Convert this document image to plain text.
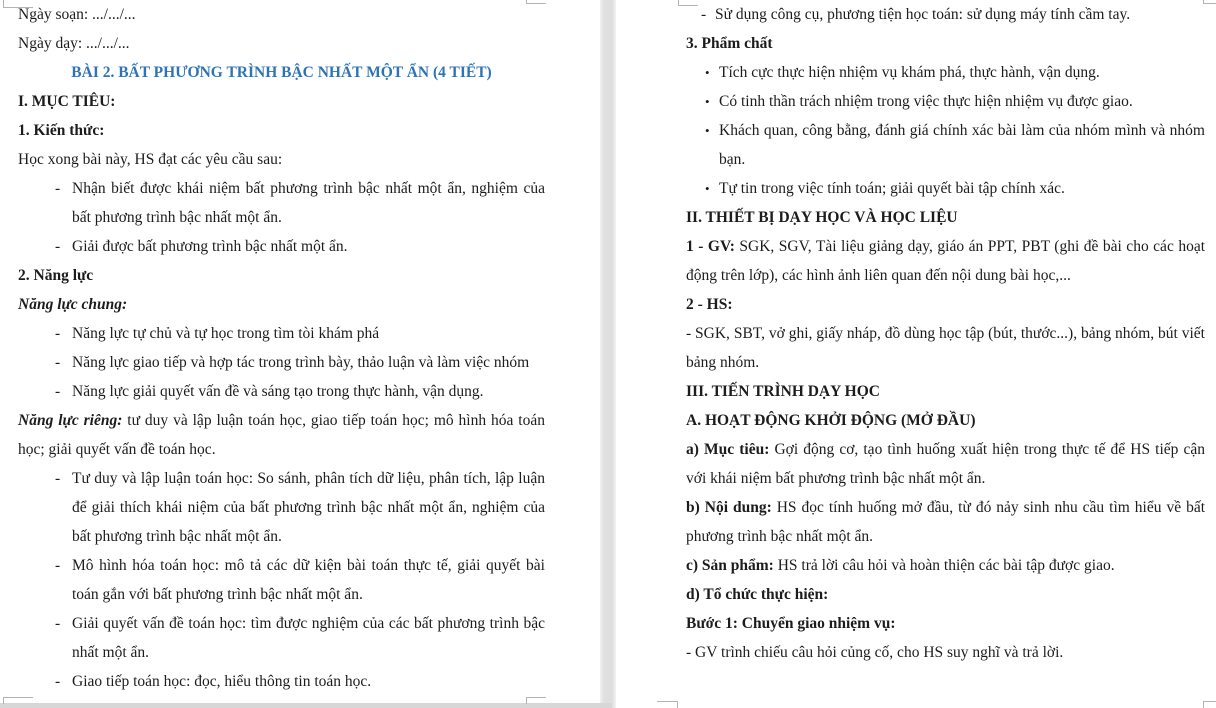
Ngày soạn: .../.../...
Ngày dạy: .../.../...
BÀI 2. BẤT PHƯƠNG TRÌNH BẬC NHẤT MỘT ẨN (4 TIẾT)
I. MỤC TIÊU:
1. Kiến thức:
Học xong bài này, HS đạt các yêu cầu sau:
- Nhận biết được khái niệm bất phương trình bậc nhất một ẩn, nghiệm của bất phương trình bậc nhất một ẩn.
- Giải được bất phương trình bậc nhất một ẩn.
2. Năng lực
Năng lực chung:
- Năng lực tự chủ và tự học trong tìm tòi khám phá
- Năng lực giao tiếp và hợp tác trong trình bày, thảo luận và làm việc nhóm
- Năng lực giải quyết vấn đề và sáng tạo trong thực hành, vận dụng.
Năng lực riêng: tư duy và lập luận toán học, giao tiếp toán học; mô hình hóa toán học; giải quyết vấn đề toán học.
- Tư duy và lập luận toán học: So sánh, phân tích dữ liệu, phân tích, lập luận để giải thích khái niệm của bất phương trình bậc nhất một ẩn, nghiệm của bất phương trình bậc nhất một ẩn.
- Mô hình hóa toán học: mô tả các dữ kiện bài toán thực tế, giải quyết bài toán gắn với bất phương trình bậc nhất một ẩn.
- Giải quyết vấn đề toán học: tìm được nghiệm của các bất phương trình bậc nhất một ẩn.
- Giao tiếp toán học: đọc, hiểu thông tin toán học.
- Sử dụng công cụ, phương tiện học toán: sử dụng máy tính cầm tay.
3. Phẩm chất
• Tích cực thực hiện nhiệm vụ khám phá, thực hành, vận dụng.
• Có tinh thần trách nhiệm trong việc thực hiện nhiệm vụ được giao.
• Khách quan, công bằng, đánh giá chính xác bài làm của nhóm mình và nhóm bạn.
• Tự tin trong việc tính toán; giải quyết bài tập chính xác.
II. THIẾT BỊ DẠY HỌC VÀ HỌC LIỆU
1 - GV: SGK, SGV, Tài liệu giảng dạy, giáo án PPT, PBT (ghi đề bài cho các hoạt động trên lớp), các hình ảnh liên quan đến nội dung bài học,...
2 - HS:
- SGK, SBT, vở ghi, giấy nháp, đồ dùng học tập (bút, thước...), bảng nhóm, bút viết bảng nhóm.
III. TIẾN TRÌNH DẠY HỌC
A. HOẠT ĐỘNG KHỞI ĐỘNG (MỞ ĐẦU)
a) Mục tiêu: Gợi động cơ, tạo tình huống xuất hiện trong thực tế để HS tiếp cận với khái niệm bất phương trình bậc nhất một ẩn.
b) Nội dung: HS đọc tính huống mở đầu, từ đó nảy sinh nhu cầu tìm hiểu về bất phương trình bậc nhất một ẩn.
c) Sản phẩm: HS trả lời câu hỏi và hoàn thiện các bài tập được giao.
d) Tổ chức thực hiện:
Bước 1: Chuyển giao nhiệm vụ:
- GV trình chiếu câu hỏi củng cố, cho HS suy nghĩ và trả lời.
